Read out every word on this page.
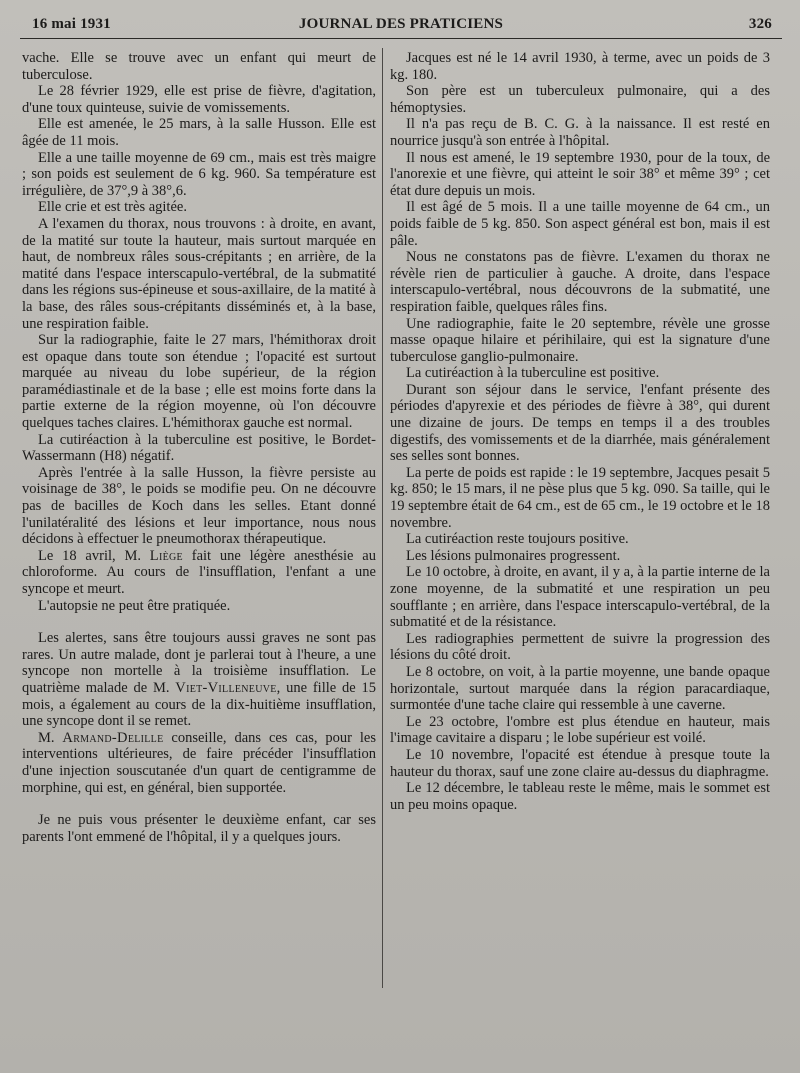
16 mai 1931	JOURNAL DES PRATICIENS	326

vache. Elle se trouve avec un enfant qui meurt de tuberculose.

Le 28 février 1929, elle est prise de fièvre, d'agitation, d'une toux quinteuse, suivie de vomissements.

Elle est amenée, le 25 mars, à la salle Husson. Elle est âgée de 11 mois.

Elle a une taille moyenne de 69 cm., mais est très maigre ; son poids est seulement de 6 kg. 960. Sa température est irrégulière, de 37°,9 à 38°,6.

Elle crie et est très agitée.

A l'examen du thorax, nous trouvons : à droite, en avant, de la matité sur toute la hauteur, mais surtout marquée en haut, de nombreux râles sous-crépitants ; en arrière, de la matité dans l'espace interscapulo-vertébral, de la submatité dans les régions sus-épineuse et sous-axillaire, de la matité à la base, des râles sous-crépitants disséminés et, à la base, une respiration faible.

Sur la radiographie, faite le 27 mars, l'hémithorax droit est opaque dans toute son étendue ; l'opacité est surtout marquée au niveau du lobe supérieur, de la région paramédiastinale et de la base ; elle est moins forte dans la partie externe de la région moyenne, où l'on découvre quelques taches claires. L'hémithorax gauche est normal.

La cutiréaction à la tuberculine est positive, le Bordet-Wassermann (H8) négatif.

Après l'entrée à la salle Husson, la fièvre persiste au voisinage de 38°, le poids se modifie peu. On ne découvre pas de bacilles de Koch dans les selles. Etant donné l'unilatéralité des lésions et leur importance, nous nous décidons à effectuer le pneumothorax thérapeutique.

Le 18 avril, M. Liège fait une légère anesthésie au chloroforme. Au cours de l'insufflation, l'enfant a une syncope et meurt.

L'autopsie ne peut être pratiquée.

Les alertes, sans être toujours aussi graves ne sont pas rares. Un autre malade, dont je parlerai tout à l'heure, a une syncope non mortelle à la troisième insufflation. Le quatrième malade de M. Viet-Villeneuve, une fille de 15 mois, a également au cours de la dix-huitième insufflation, une syncope dont il se remet.

M. Armand-Delille conseille, dans ces cas, pour les interventions ultérieures, de faire précéder l'insufflation d'une injection souscutanée d'un quart de centigramme de morphine, qui est, en général, bien supportée.

Je ne puis vous présenter le deuxième enfant, car ses parents l'ont emmené de l'hôpital, il y a quelques jours.

Jacques est né le 14 avril 1930, à terme, avec un poids de 3 kg. 180.

Son père est un tuberculeux pulmonaire, qui a des hémoptysies.

Il n'a pas reçu de B. C. G. à la naissance. Il est resté en nourrice jusqu'à son entrée à l'hôpital.

Il nous est amené, le 19 septembre 1930, pour de la toux, de l'anorexie et une fièvre, qui atteint le soir 38° et même 39° ; cet état dure depuis un mois.

Il est âgé de 5 mois. Il a une taille moyenne de 64 cm., un poids faible de 5 kg. 850. Son aspect général est bon, mais il est pâle.

Nous ne constatons pas de fièvre. L'examen du thorax ne révèle rien de particulier à gauche. A droite, dans l'espace interscapulo-vertébral, nous découvrons de la submatité, une respiration faible, quelques râles fins.

Une radiographie, faite le 20 septembre, révèle une grosse masse opaque hilaire et périhilaire, qui est la signature d'une tuberculose ganglio-pulmonaire.

La cutiréaction à la tuberculine est positive.

Durant son séjour dans le service, l'enfant présente des périodes d'apyrexie et des périodes de fièvre à 38°, qui durent une dizaine de jours. De temps en temps il a des troubles digestifs, des vomissements et de la diarrhée, mais généralement ses selles sont bonnes.

La perte de poids est rapide : le 19 septembre, Jacques pesait 5 kg. 850; le 15 mars, il ne pèse plus que 5 kg. 090. Sa taille, qui le 19 septembre était de 64 cm., est de 65 cm., le 19 octobre et le 18 novembre.

La cutiréaction reste toujours positive.

Les lésions pulmonaires progressent.

Le 10 octobre, à droite, en avant, il y a, à la partie interne de la zone moyenne, de la submatité et une respiration un peu soufflante ; en arrière, dans l'espace interscapulo-vertébral, de la submatité et de la résistance.

Les radiographies permettent de suivre la progression des lésions du côté droit.

Le 8 octobre, on voit, à la partie moyenne, une bande opaque horizontale, surtout marquée dans la région paracardiaque, surmontée d'une tache claire qui ressemble à une caverne.

Le 23 octobre, l'ombre est plus étendue en hauteur, mais l'image cavitaire a disparu ; le lobe supérieur est voilé.

Le 10 novembre, l'opacité est étendue à presque toute la hauteur du thorax, sauf une zone claire au-dessus du diaphragme.

Le 12 décembre, le tableau reste le même, mais le sommet est un peu moins opaque.
